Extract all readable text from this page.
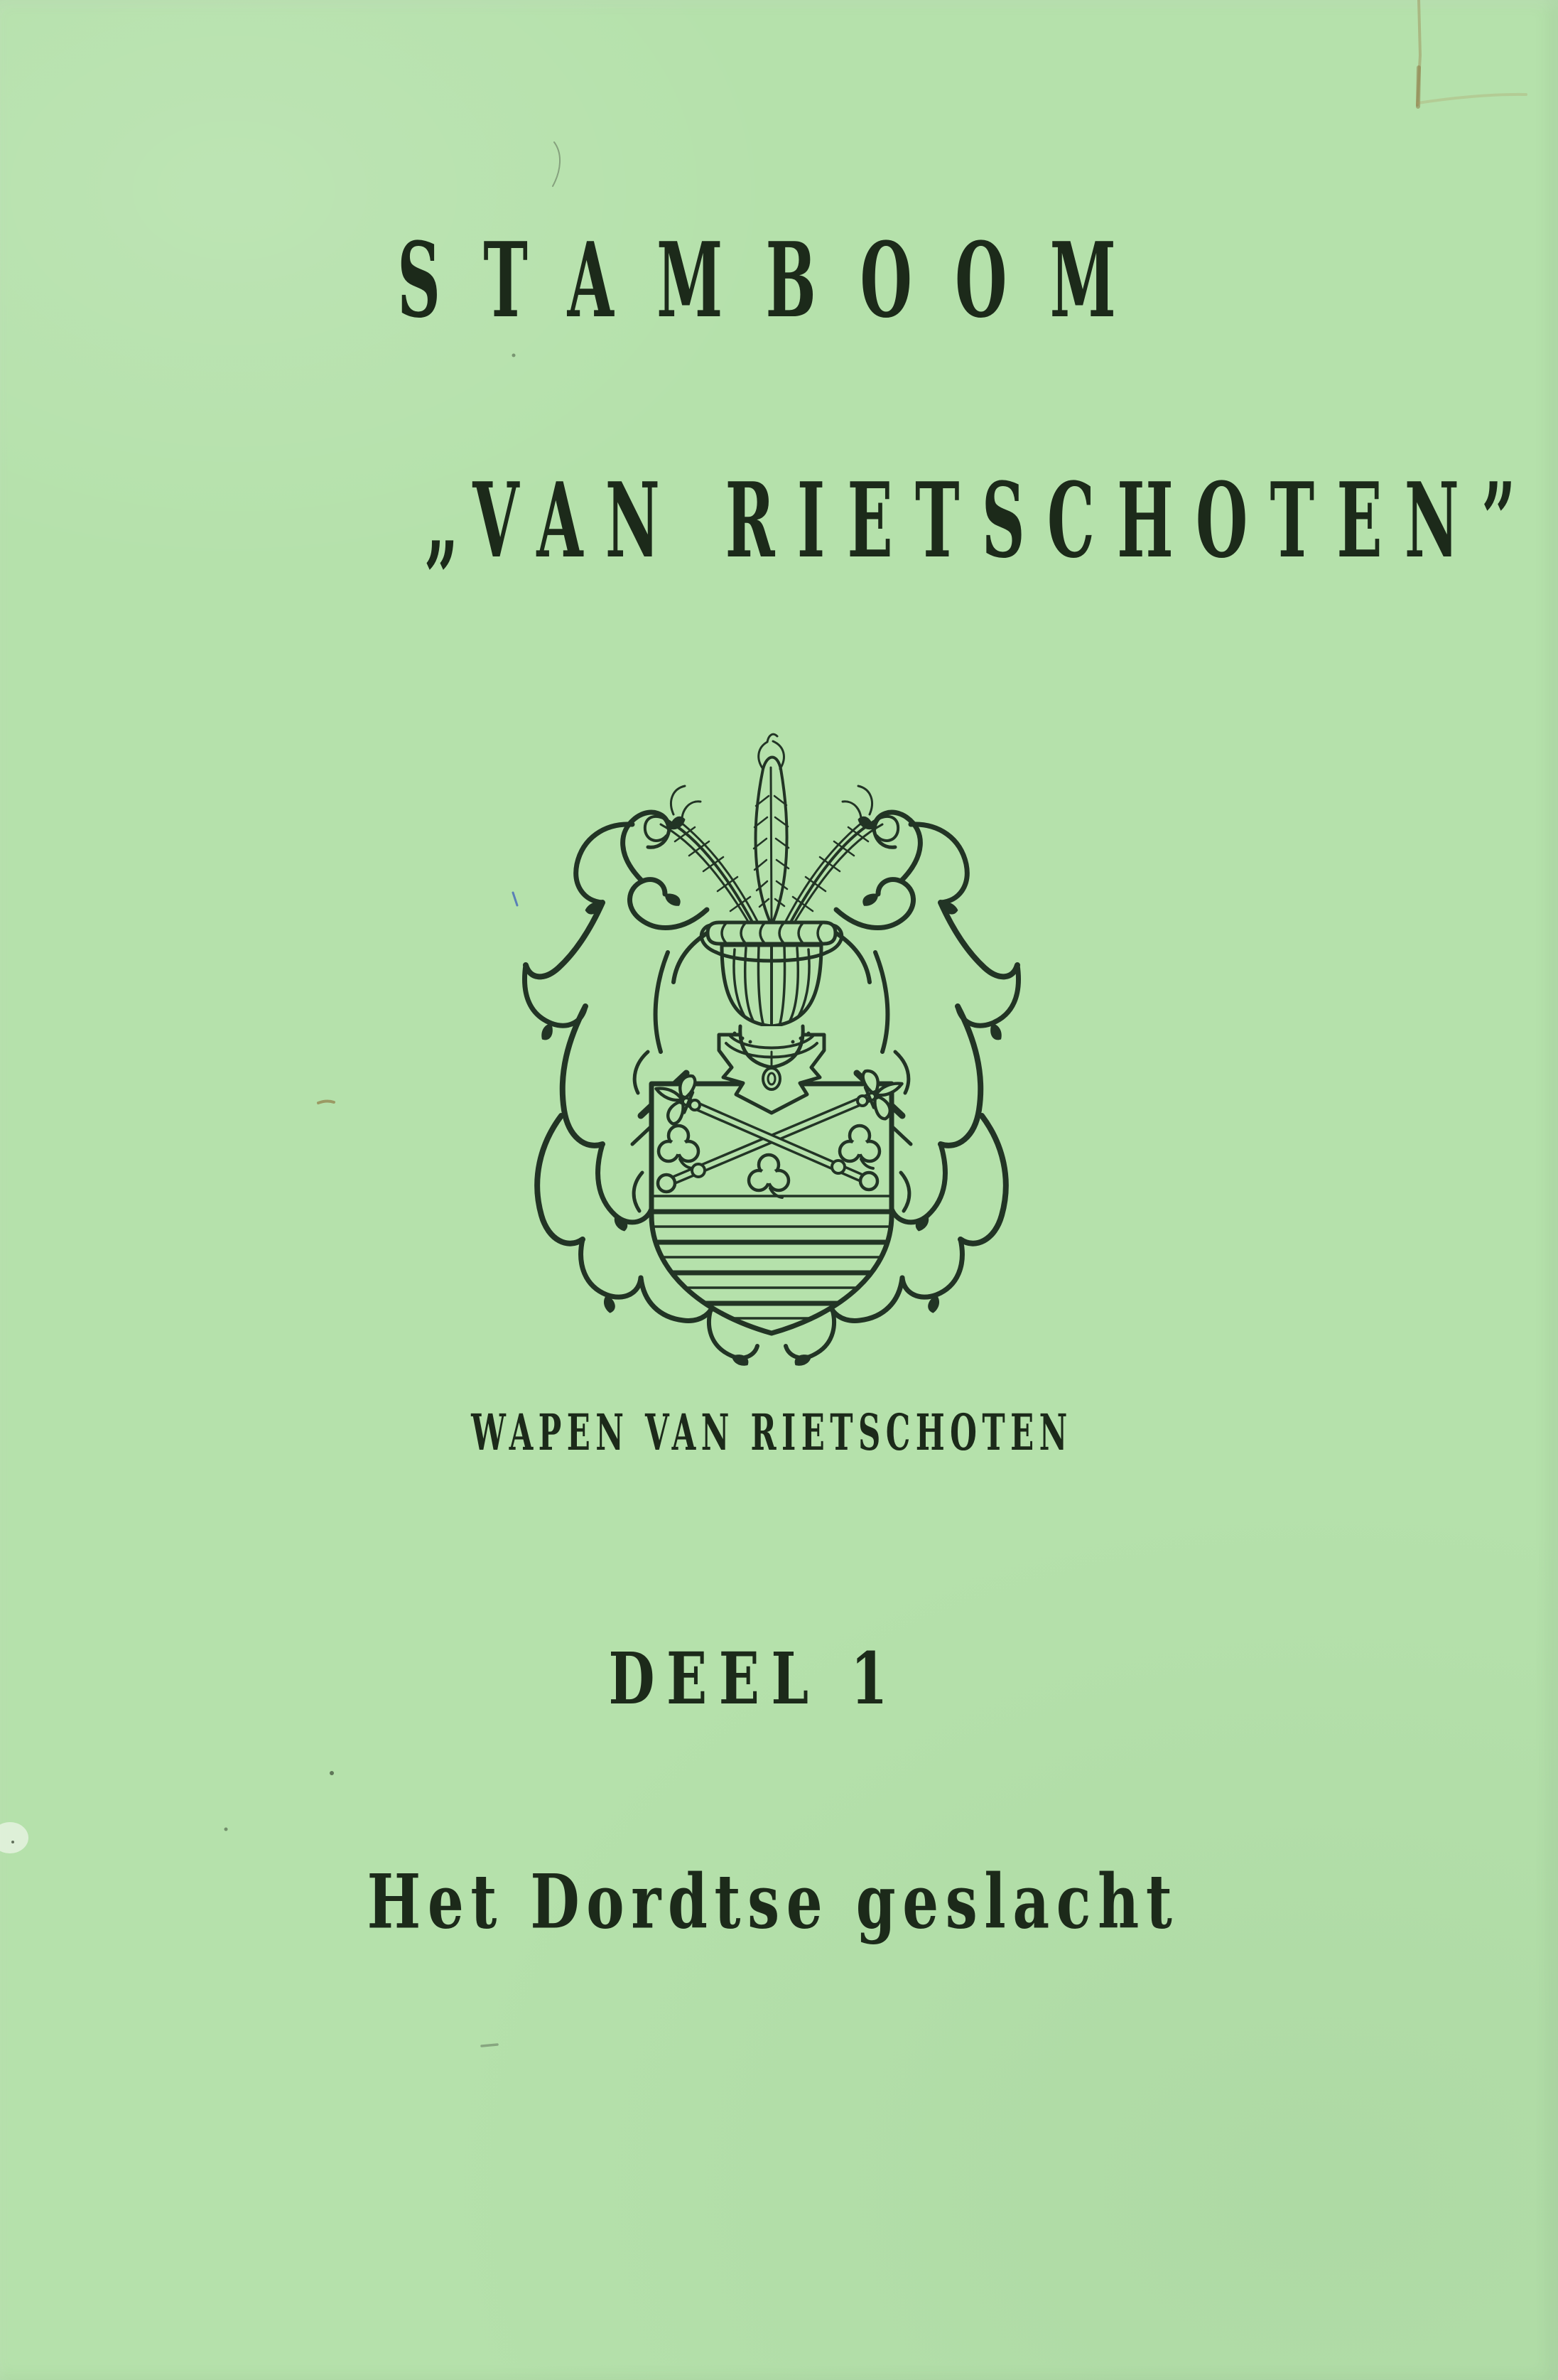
STAMBOOM
„VAN RIETSCHOTEN”
WAPEN VAN RIETSCHOTEN
DEEL 1
Het Dordtse geslacht
